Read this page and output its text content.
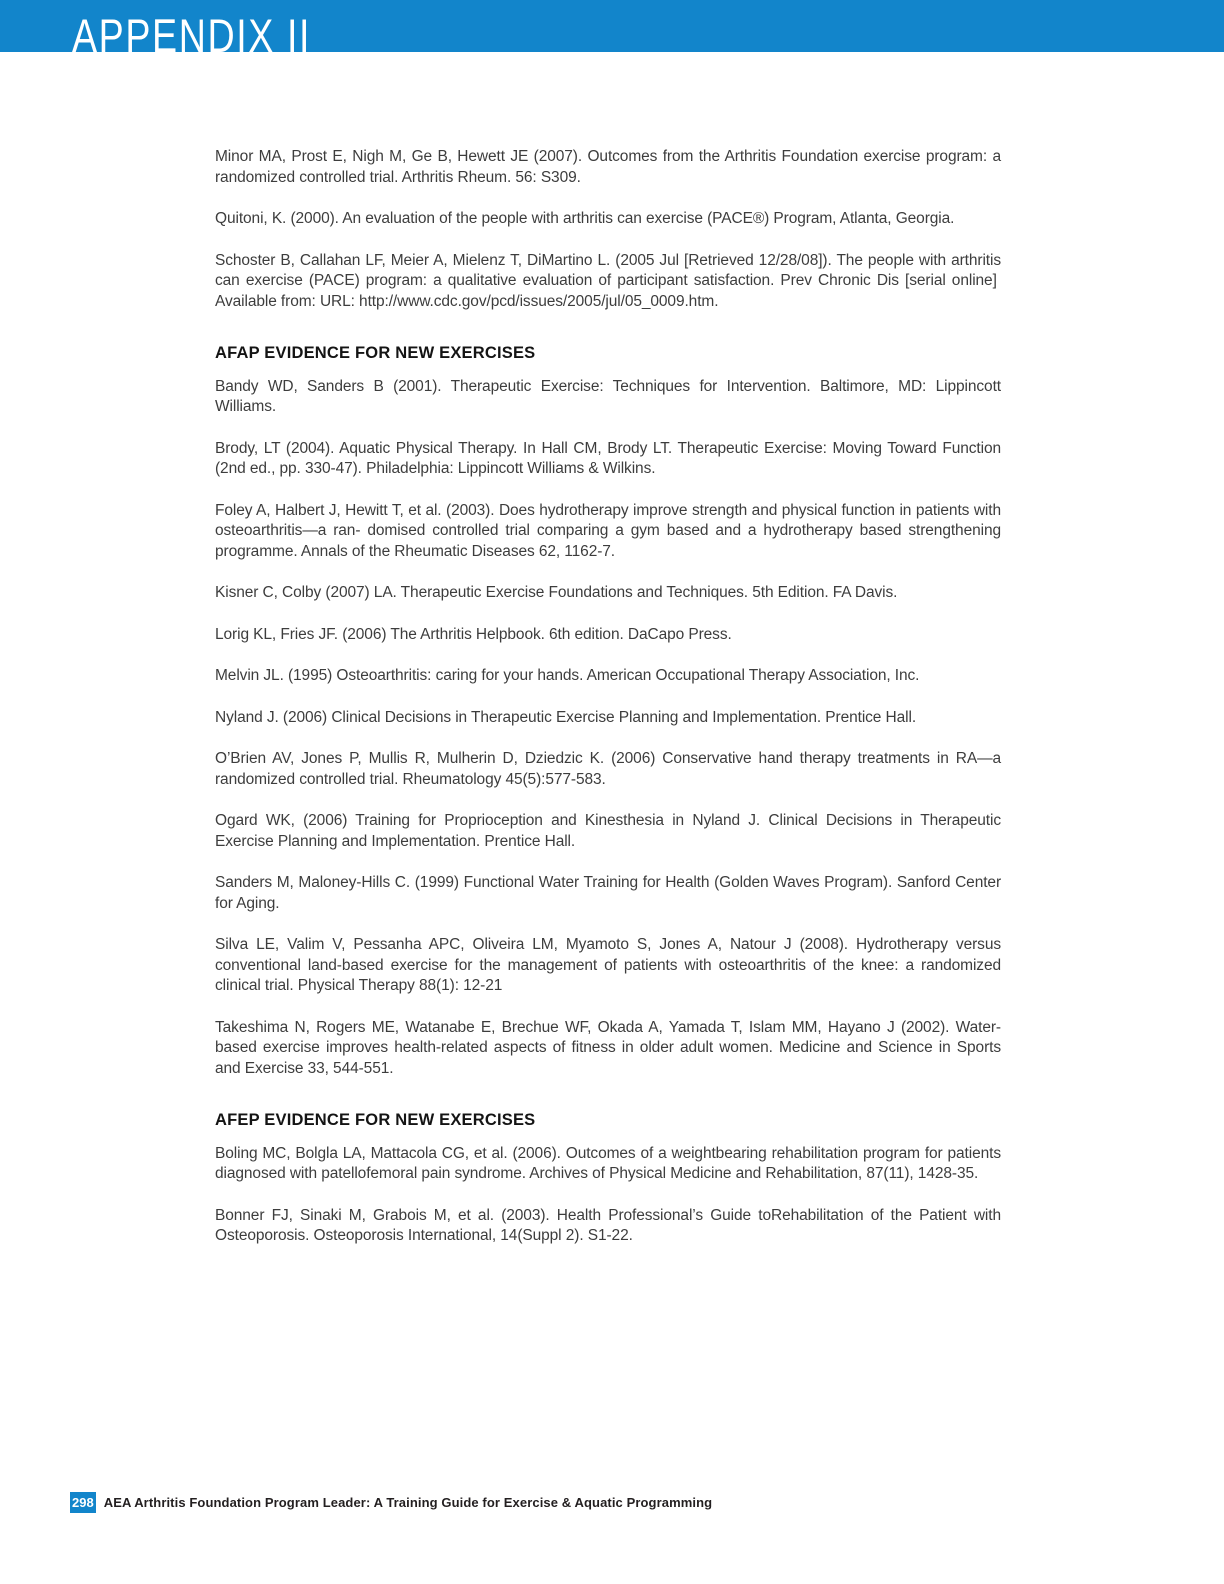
APPENDIX II

Minor MA, Prost E, Nigh M, Ge B, Hewett JE (2007). Outcomes from the Arthritis Foundation exercise program: a randomized controlled trial. Arthritis Rheum. 56: S309.

Quitoni, K. (2000). An evaluation of the people with arthritis can exercise (PACE®) Program, Atlanta, Georgia.

Schoster B, Callahan LF, Meier A, Mielenz T, DiMartino L. (2005 Jul [Retrieved 12/28/08]). The people with arthritis can exercise (PACE) program: a qualitative evaluation of participant satisfaction. Prev Chronic Dis [serial online]  Available from: URL: http://www.cdc.gov/pcd/issues/2005/jul/05_0009.htm.

AFAP EVIDENCE FOR NEW EXERCISES

Bandy WD, Sanders B (2001). Therapeutic Exercise: Techniques for Intervention. Baltimore, MD: Lippincott Williams.

Brody, LT (2004). Aquatic Physical Therapy. In Hall CM, Brody LT. Therapeutic Exercise: Moving Toward Function (2nd ed., pp. 330-47). Philadelphia: Lippincott Williams & Wilkins.

Foley A, Halbert J, Hewitt T, et al. (2003). Does hydrotherapy improve strength and physical function in patients with osteoarthritis—a ran- domised controlled trial comparing a gym based and a hydrotherapy based strengthening programme. Annals of the Rheumatic Diseases 62, 1162-7.

Kisner C, Colby (2007) LA. Therapeutic Exercise Foundations and Techniques. 5th Edition. FA Davis.

Lorig KL, Fries JF. (2006) The Arthritis Helpbook. 6th edition. DaCapo Press.

Melvin JL. (1995) Osteoarthritis: caring for your hands. American Occupational Therapy Association, Inc.

Nyland J. (2006) Clinical Decisions in Therapeutic Exercise Planning and Implementation. Prentice Hall.

O’Brien AV, Jones P, Mullis R, Mulherin D, Dziedzic K. (2006) Conservative hand therapy treatments in RA—a randomized controlled trial. Rheumatology 45(5):577-583.

Ogard WK, (2006) Training for Proprioception and Kinesthesia in Nyland J. Clinical Decisions in Therapeutic Exercise Planning and Implementation. Prentice Hall.

Sanders M, Maloney-Hills C. (1999) Functional Water Training for Health (Golden Waves Program). Sanford Center for Aging.

Silva LE, Valim V, Pessanha APC, Oliveira LM, Myamoto S, Jones A, Natour J (2008). Hydrotherapy versus conventional land-based exercise for the management of patients with osteoarthritis of the knee: a randomized clinical trial. Physical Therapy 88(1): 12-21

Takeshima N, Rogers ME, Watanabe E, Brechue WF, Okada A, Yamada T, Islam MM, Hayano J (2002). Water-based exercise improves health-related aspects of fitness in older adult women. Medicine and Science in Sports and Exercise 33, 544-551.

AFEP EVIDENCE FOR NEW EXERCISES

Boling MC, Bolgla LA, Mattacola CG, et al. (2006). Outcomes of a weightbearing rehabilitation program for patients diagnosed with patellofemoral pain syndrome. Archives of Physical Medicine and Rehabilitation, 87(11), 1428-35.

Bonner FJ, Sinaki M, Grabois M, et al. (2003). Health Professional’s Guide toRehabilitation of the Patient with Osteoporosis. Osteoporosis International, 14(Suppl 2). S1-22.

298 AEA Arthritis Foundation Program Leader: A Training Guide for Exercise & Aquatic Programming
